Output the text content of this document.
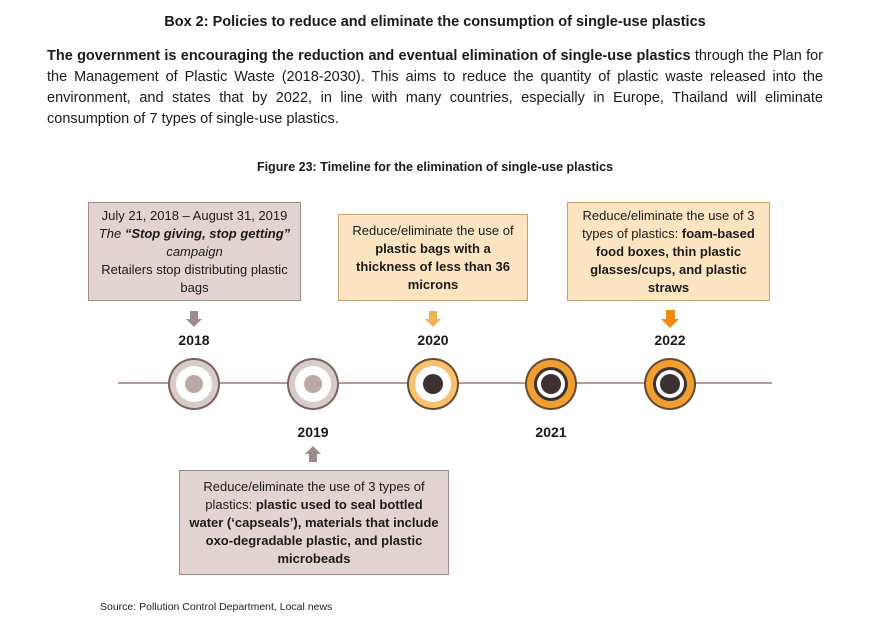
Box 2: Policies to reduce and eliminate the consumption of single-use plastics
The government is encouraging the reduction and eventual elimination of single-use plastics through the Plan for the Management of Plastic Waste (2018-2030). This aims to reduce the quantity of plastic waste released into the environment, and states that by 2022, in line with many countries, especially in Europe, Thailand will eliminate consumption of 7 types of single-use plastics.
Figure 23: Timeline for the elimination of single-use plastics
July 21, 2018 – August 31, 2019
The “Stop giving, stop getting”
campaign
Retailers stop distributing plastic bags
Reduce/eliminate the use of plastic bags with a thickness of less than 36 microns
Reduce/eliminate the use of 3 types of plastics: foam-based food boxes, thin plastic glasses/cups, and plastic straws
Reduce/eliminate the use of 3 types of plastics: plastic used to seal bottled water (‘capseals’), materials that include oxo-degradable plastic, and plastic microbeads
2018
2019
2020
2021
2022
Source: Pollution Control Department, Local news
